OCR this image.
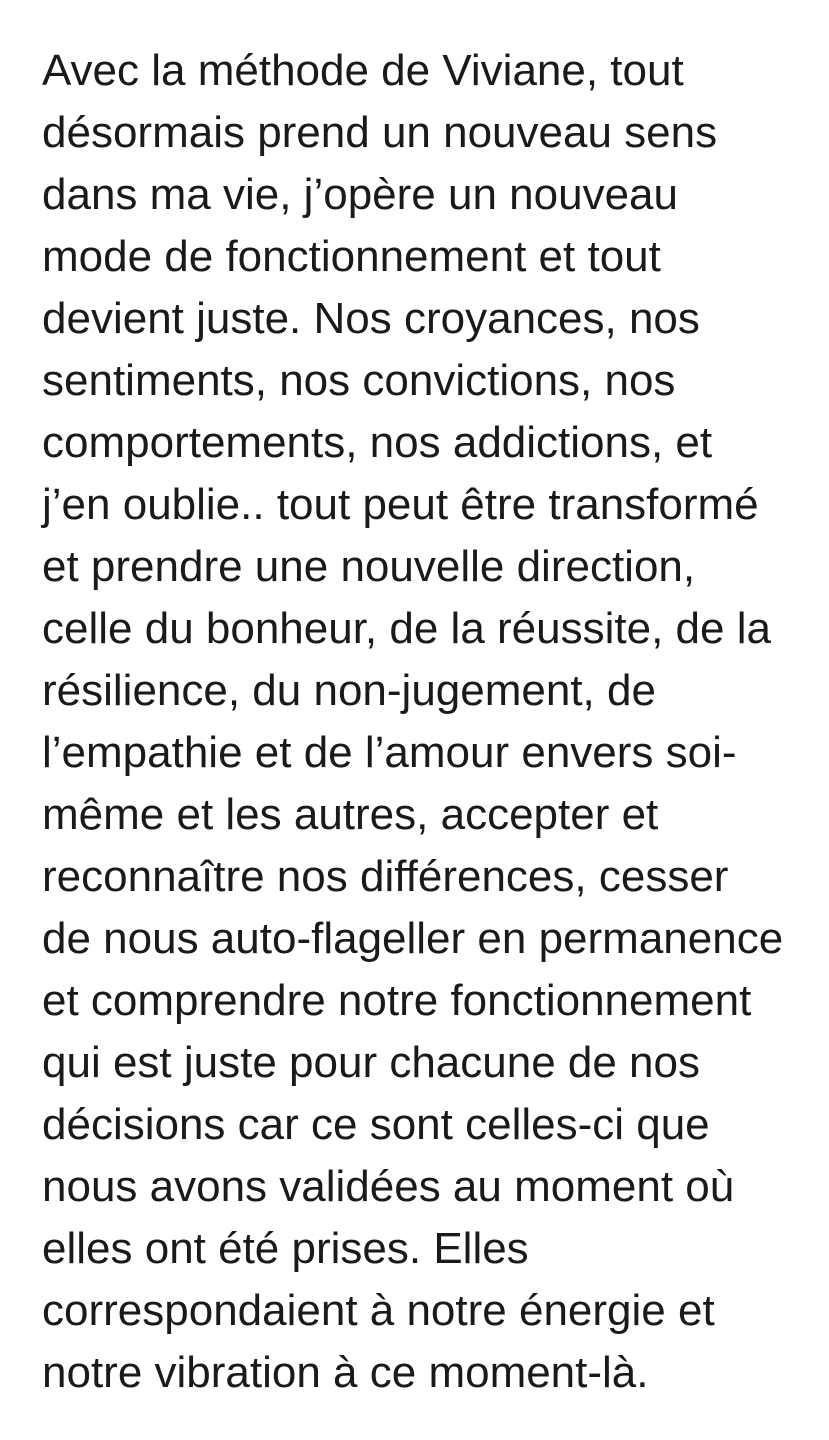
Avec la méthode de Viviane, tout
désormais prend un nouveau sens
dans ma vie, j’opère un nouveau
mode de fonctionnement et tout
devient juste. Nos croyances, nos
sentiments, nos convictions, nos
comportements, nos addictions, et
j’en oublie.. tout peut être transformé
et prendre une nouvelle direction,
celle du bonheur, de la réussite, de la
résilience, du non-jugement, de
l’empathie et de l’amour envers soi-
même et les autres, accepter et
reconnaître nos différences, cesser
de nous auto-flageller en permanence
et comprendre notre fonctionnement
qui est juste pour chacune de nos
décisions car ce sont celles-ci que
nous avons validées au moment où
elles ont été prises. Elles
correspondaient à notre énergie et
notre vibration à ce moment-là.
